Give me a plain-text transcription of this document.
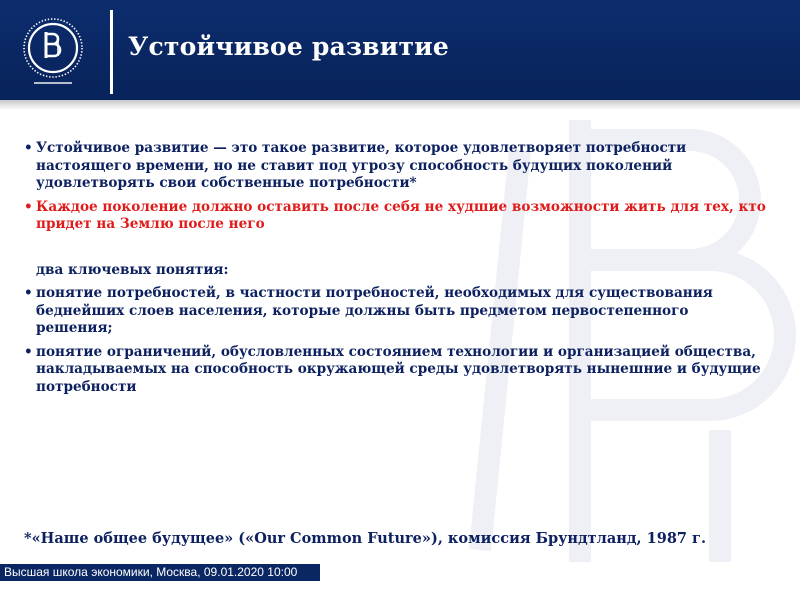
Устойчивое развитие
• Устойчивое развитие — это такое развитие, которое удовлетворяет потребности настоящего времени, но не ставит под угрозу способность будущих поколений удовлетворять свои собственные потребности*
• Каждое поколение должно оставить после себя не худшие возможности жить для тех, кто придет на Землю после него
два ключевых понятия:
• понятие потребностей, в частности потребностей, необходимых для существования беднейших слоев населения, которые должны быть предметом первостепенного решения;
• понятие ограничений, обусловленных состоянием технологии и организацией общества, накладываемых на способность окружающей среды удовлетворять нынешние и будущие потребности
*«Наше общее будущее» («Our Common Future»), комиссия Брундтланд, 1987 г.
Высшая школа экономики, Москва, 09.01.2020 10:00
